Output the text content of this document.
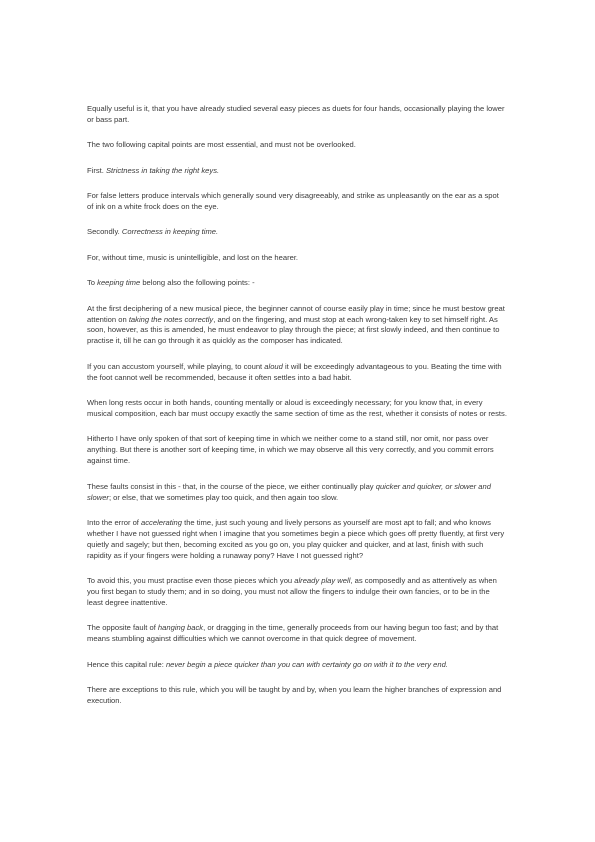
Equally useful is it, that you have already studied several easy pieces as duets for four hands, occasionally playing the lower or bass part.

The two following capital points are most essential, and must not be overlooked.

First. Strictness in taking the right keys.

For false letters produce intervals which generally sound very disagreeably, and strike as unpleasantly on the ear as a spot of ink on a white frock does on the eye.

Secondly. Correctness in keeping time.

For, without time, music is unintelligible, and lost on the hearer.

To keeping time belong also the following points: -

At the first deciphering of a new musical piece, the beginner cannot of course easily play in time; since he must bestow great attention on taking the notes correctly, and on the fingering, and must stop at each wrong-taken key to set himself right. As soon, however, as this is amended, he must endeavor to play through the piece; at first slowly indeed, and then continue to practise it, till he can go through it as quickly as the composer has indicated.

If you can accustom yourself, while playing, to count aloud it will be exceedingly advantageous to you. Beating the time with the foot cannot well be recommended, because it often settles into a bad habit.

When long rests occur in both hands, counting mentally or aloud is exceedingly necessary; for you know that, in every musical composition, each bar must occupy exactly the same section of time as the rest, whether it consists of notes or rests.

Hitherto I have only spoken of that sort of keeping time in which we neither come to a stand still, nor omit, nor pass over anything. But there is another sort of keeping time, in which we may observe all this very correctly, and you commit errors against time.

These faults consist in this - that, in the course of the piece, we either continually play quicker and quicker, or slower and slower; or else, that we sometimes play too quick, and then again too slow.

Into the error of accelerating the time, just such young and lively persons as yourself are most apt to fall; and who knows whether I have not guessed right when I imagine that you sometimes begin a piece which goes off pretty fluently, at first very quietly and sagely; but then, becoming excited as you go on, you play quicker and quicker, and at last, finish with such rapidity as if your fingers were holding a runaway pony? Have I not guessed right?

To avoid this, you must practise even those pieces which you already play well, as composedly and as attentively as when you first began to study them; and in so doing, you must not allow the fingers to indulge their own fancies, or to be in the least degree inattentive.

The opposite fault of hanging back, or dragging in the time, generally proceeds from our having begun too fast; and by that means stumbling against difficulties which we cannot overcome in that quick degree of movement.

Hence this capital rule: never begin a piece quicker than you can with certainty go on with it to the very end.

There are exceptions to this rule, which you will be taught by and by, when you learn the higher branches of expression and execution.
